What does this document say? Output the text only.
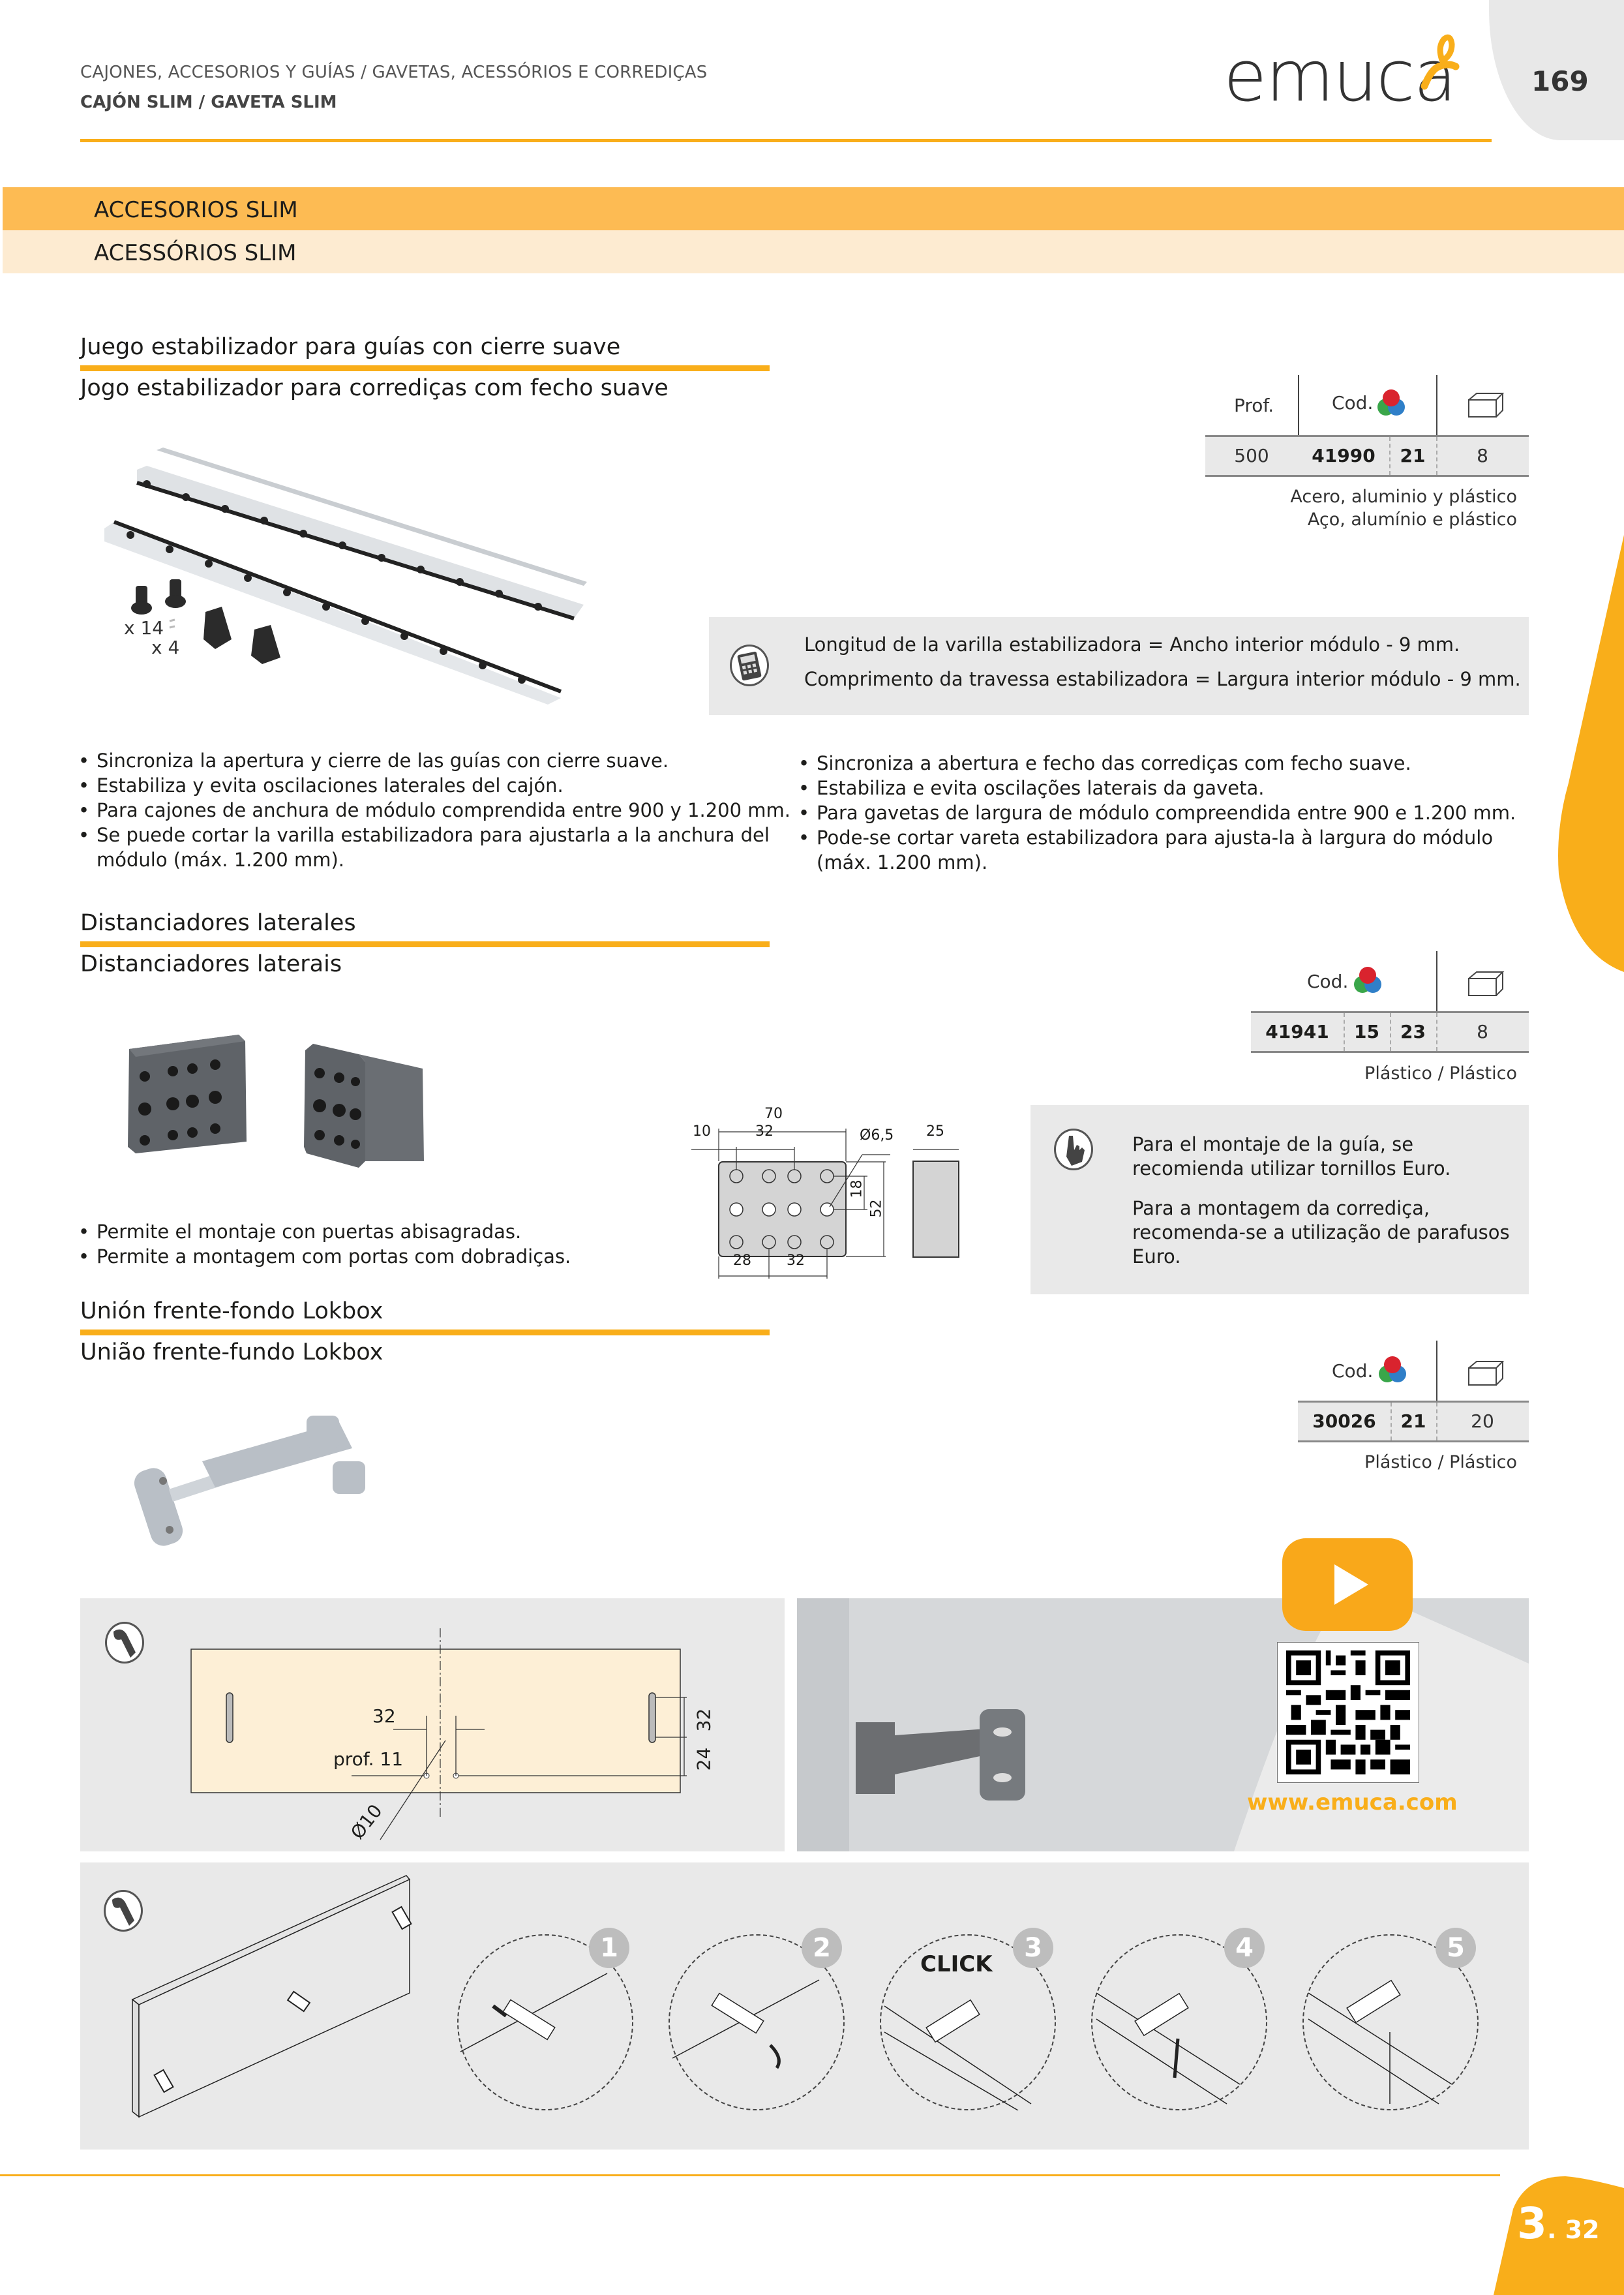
CAJONES, ACCESORIOS Y GUÍAS / GAVETAS, ACESSÓRIOS E CORREDIÇAS
CAJÓN SLIM / GAVETA SLIM	emuca	169
ACCESORIOS SLIM
ACESSÓRIOS SLIM
Juego estabilizador para guías con cierre suave
Jogo estabilizador para corrediças com fecho suave
x 14
x 4
Prof.	Cod.
500	41990	21	8
Acero, aluminio y plástico
Aço, alumínio e plástico
Longitud de la varilla estabilizadora = Ancho interior módulo - 9 mm.
Comprimento da travessa estabilizadora = Largura interior módulo - 9 mm.
• Sincroniza la apertura y cierre de las guías con cierre suave.
• Estabiliza y evita oscilaciones laterales del cajón.
• Para cajones de anchura de módulo comprendida entre 900 y 1.200 mm.
• Se puede cortar la varilla estabilizadora para ajustarla a la anchura del módulo (máx. 1.200 mm).
• Sincroniza a abertura e fecho das corrediças com fecho suave.
• Estabiliza e evita oscilações laterais da gaveta.
• Para gavetas de largura de módulo compreendida entre 900 e 1.200 mm.
• Pode-se cortar vareta estabilizadora para ajusta-la à largura do módulo (máx. 1.200 mm).
Distanciadores laterales
Distanciadores laterais
• Permite el montaje con puertas abisagradas.
• Permite a montagem com portas com dobradiças.
70
10	32	Ø6,5 25
18
52
28 32
Cod.
41941	15	23	8
Plástico / Plástico
Para el montaje de la guía, se recomienda utilizar tornillos Euro.
Para a montagem da corrediça, recomenda-se a utilização de parafusos Euro.
Unión frente-fondo Lokbox
União frente-fundo Lokbox
Cod.
30026	21	20
Plástico / Plástico
32
prof. 11
Ø10
32
24
www.emuca.com
1	2	3
CLICK
4	5
3. 32
